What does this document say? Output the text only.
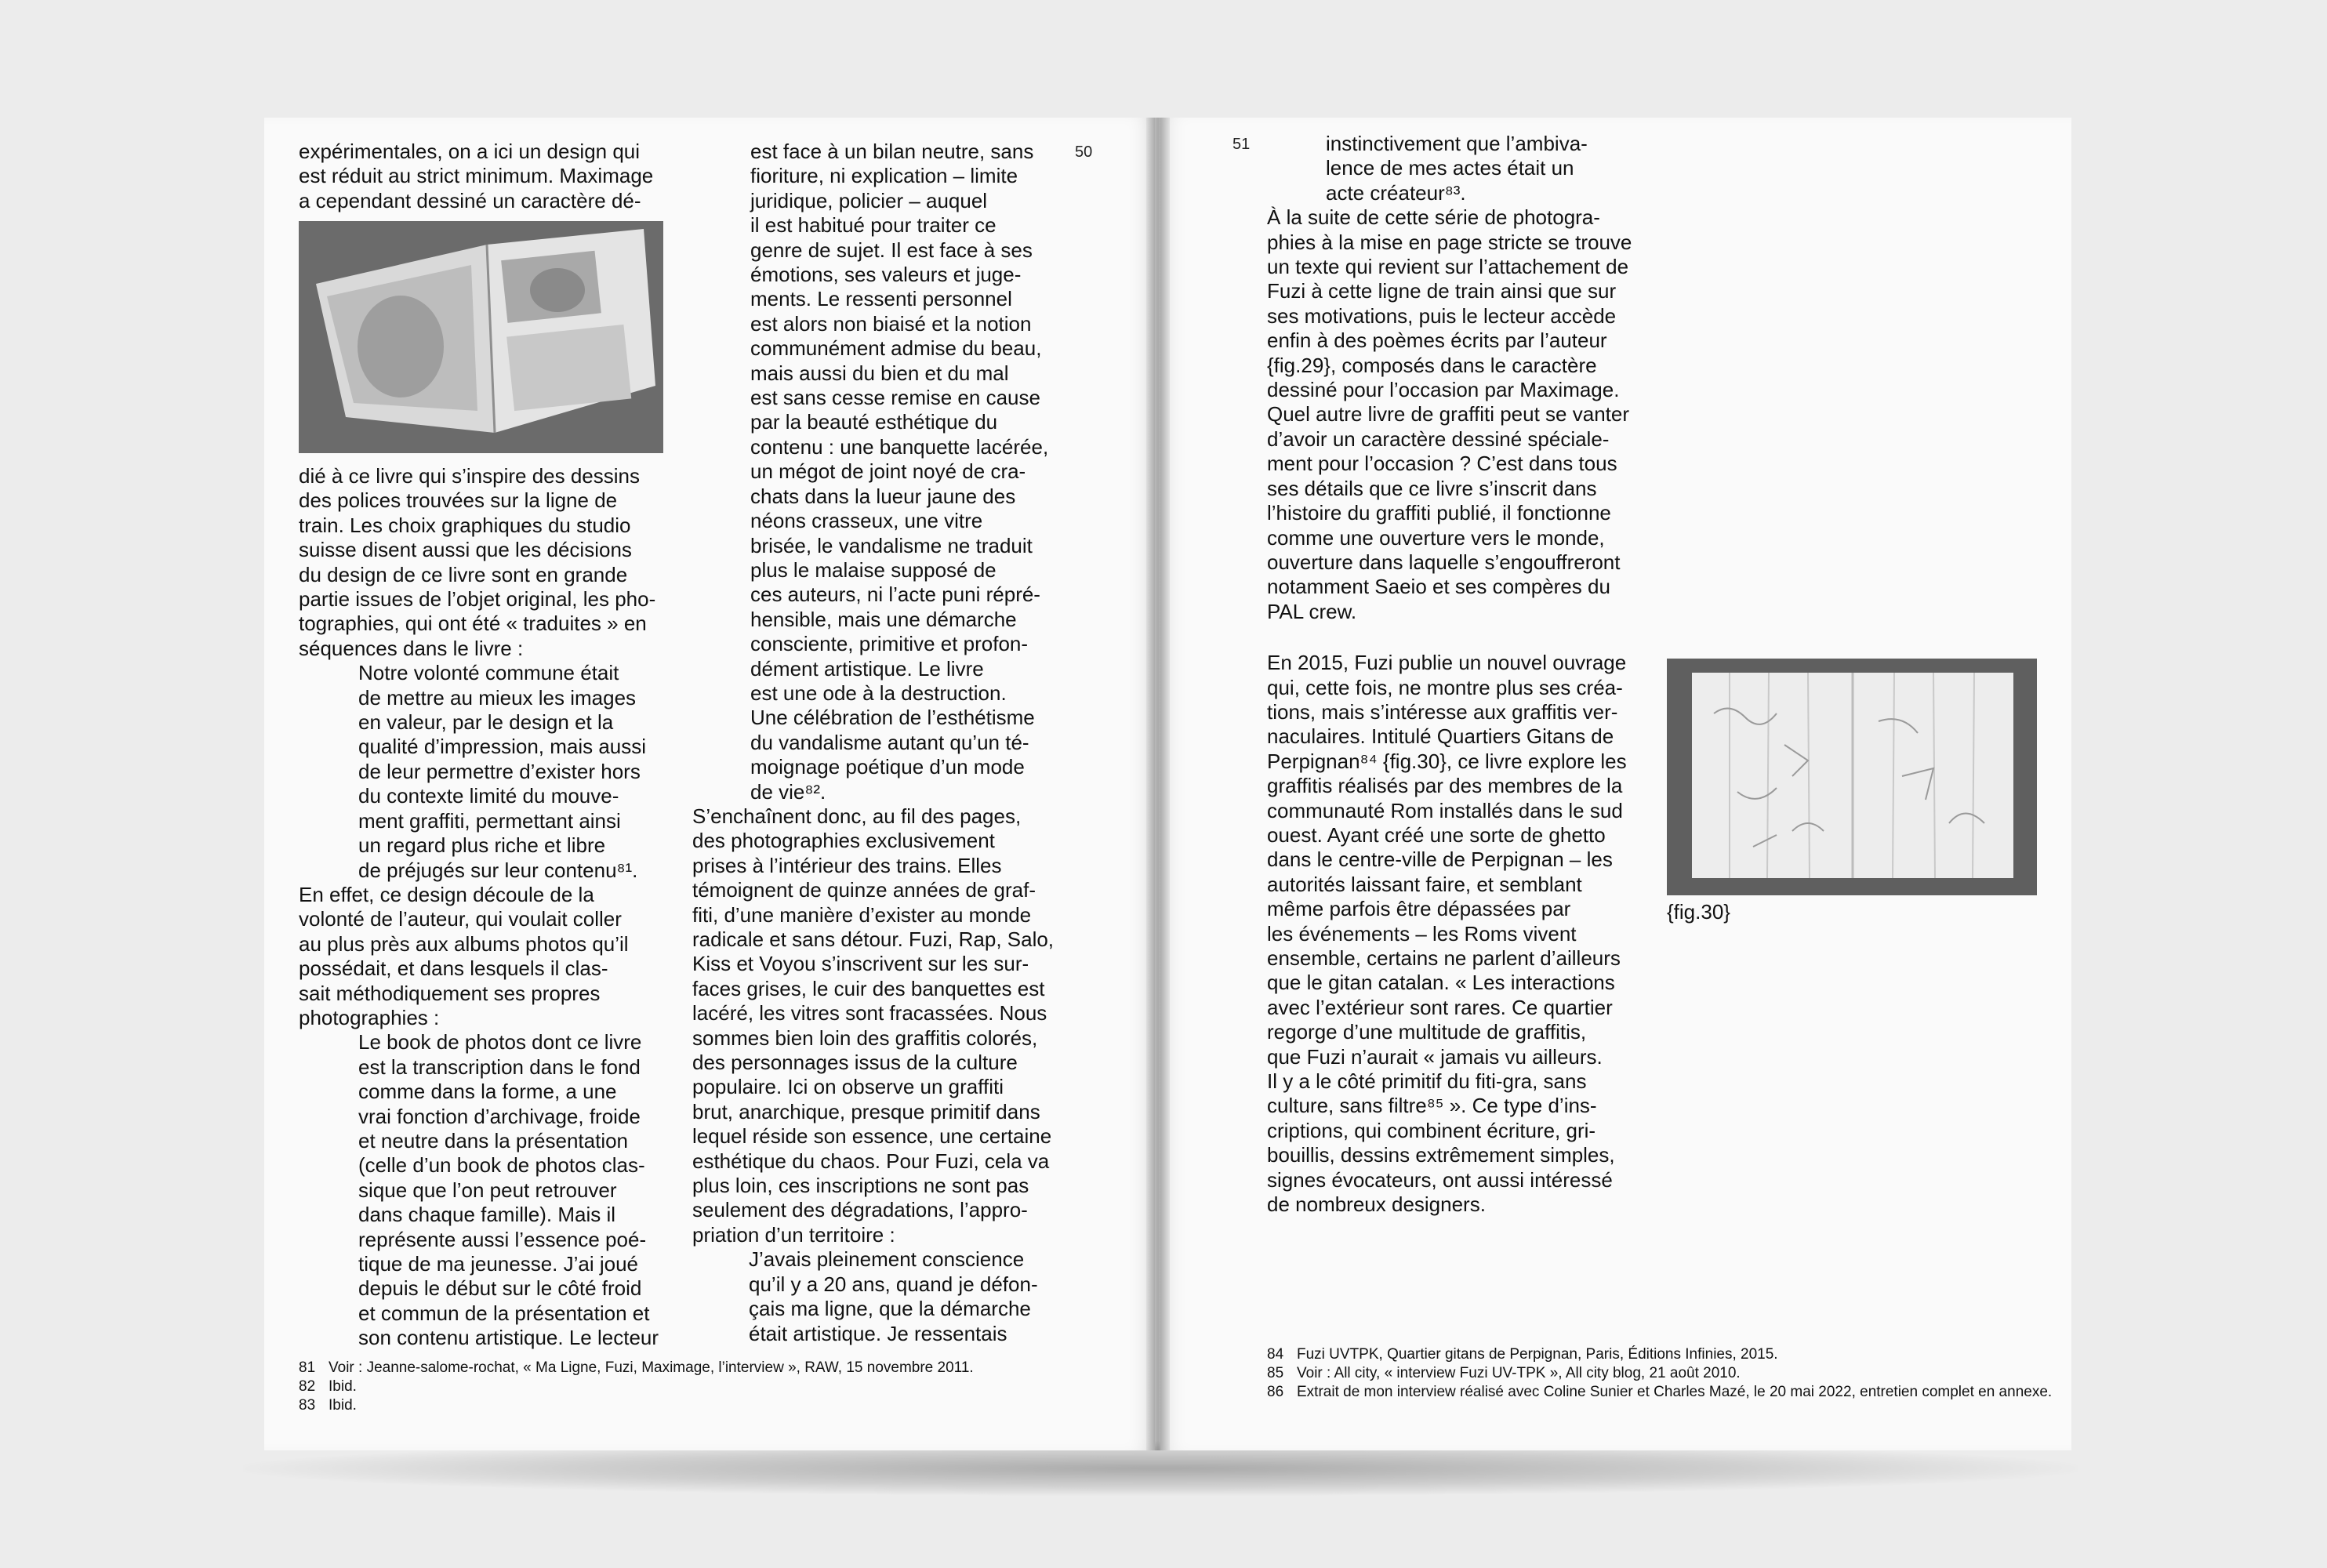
50

expérimentales, on a ici un design qui

est réduit au strict minimum. Maximage

a cependant dessiné un caractère dé-

dié à ce livre qui s’inspire des dessins

des polices trouvées sur la ligne de

train. Les choix graphiques du studio

suisse disent aussi que les décisions

du design de ce livre sont en grande

partie issues de l’objet original, les pho-

tographies, qui ont été « traduites » en

séquences dans le livre :

Notre volonté commune était

de mettre au mieux les images

en valeur, par le design et la

qualité d’impression, mais aussi

de leur permettre d’exister hors

du contexte limité du mouve-

ment graffiti, permettant ainsi

un regard plus riche et libre

de préjugés sur leur contenu⁸¹.

En effet, ce design découle de la

volonté de l’auteur, qui voulait coller

au plus près aux albums photos qu’il

possédait, et dans lesquels il clas-

sait méthodiquement ses propres

photographies :

Le book de photos dont ce livre

est la transcription dans le fond

comme dans la forme, a une

vrai fonction d’archivage, froide

et neutre dans la présentation

(celle d’un book de photos clas-

sique que l’on peut retrouver

dans chaque famille). Mais il

représente aussi l’essence poé-

tique de ma jeunesse. J’ai joué

depuis le début sur le côté froid

et commun de la présentation et

son contenu artistique. Le lecteur

est face à un bilan neutre, sans

fioriture, ni explication – limite

juridique, policier – auquel

il est habitué pour traiter ce

genre de sujet. Il est face à ses

émotions, ses valeurs et juge-

ments. Le ressenti personnel

est alors non biaisé et la notion

communément admise du beau,

mais aussi du bien et du mal

est sans cesse remise en cause

par la beauté esthétique du

contenu : une banquette lacérée,

un mégot de joint noyé de cra-

chats dans la lueur jaune des

néons crasseux, une vitre

brisée, le vandalisme ne traduit

plus le malaise supposé de

ces auteurs, ni l’acte puni répré-

hensible, mais une démarche

consciente, primitive et profon-

dément artistique. Le livre

est une ode à la destruction.

Une célébration de l’esthétisme

du vandalisme autant qu’un té-

moignage poétique d’un mode

de vie⁸².

S’enchaînent donc, au fil des pages,

des photographies exclusivement

prises à l’intérieur des trains. Elles

témoignent de quinze années de graf-

fiti, d’une manière d’exister au monde

radicale et sans détour. Fuzi, Rap, Salo,

Kiss et Voyou s’inscrivent sur les sur-

faces grises, le cuir des banquettes est

lacéré, les vitres sont fracassées. Nous

sommes bien loin des graffitis colorés,

des personnages issus de la culture

populaire. Ici on observe un graffiti

brut, anarchique, presque primitif dans

lequel réside son essence, une certaine

esthétique du chaos. Pour Fuzi, cela va

plus loin, ces inscriptions ne sont pas

seulement des dégradations, l’appro-

priation d’un territoire :

J’avais pleinement conscience

qu’il y a 20 ans, quand je défon-

çais ma ligne, que la démarche

était artistique. Je ressentais

81 Voir : Jeanne-salome-rochat, « Ma Ligne, Fuzi, Maximage, l’interview », RAW, 15 novembre 2011.
82 Ibid.
83 Ibid.
51	instinctivement que l’ambiva-

lence de mes actes était un

acte créateur⁸³.

À la suite de cette série de photogra-

phies à la mise en page stricte se trouve

un texte qui revient sur l’attachement de

Fuzi à cette ligne de train ainsi que sur

ses motivations, puis le lecteur accède

enfin à des poèmes écrits par l’auteur

{fig.29}, composés dans le caractère

dessiné pour l’occasion par Maximage.

Quel autre livre de graffiti peut se vanter

d’avoir un caractère dessiné spéciale-

ment pour l’occasion ? C’est dans tous

ses détails que ce livre s’inscrit dans

l’histoire du graffiti publié, il fonctionne

comme une ouverture vers le monde,

ouverture dans laquelle s’engouffreront

notamment Saeio et ses compères du

PAL crew.

En 2015, Fuzi publie un nouvel ouvrage

qui, cette fois, ne montre plus ses créa-

tions, mais s’intéresse aux graffitis ver-

naculaires. Intitulé Quartiers Gitans de

Perpignan⁸⁴ {fig.30}, ce livre explore les

graffitis réalisés par des membres de la

communauté Rom installés dans le sud

ouest. Ayant créé une sorte de ghetto

dans le centre-ville de Perpignan – les

autorités laissant faire, et semblant

même parfois être dépassées par

les événements – les Roms vivent

ensemble, certains ne parlent d’ailleurs

que le gitan catalan. « Les interactions

avec l’extérieur sont rares. Ce quartier

regorge d’une multitude de graffitis,

que Fuzi n’aurait « jamais vu ailleurs.

Il y a le côté primitif du fiti-gra, sans

culture, sans filtre⁸⁵ ». Ce type d’ins-

criptions, qui combinent écriture, gri-

bouillis, dessins extrêmement simples,

signes évocateurs, ont aussi intéressé

de nombreux designers.

{fig.30}
84 Fuzi UVTPK, Quartier gitans de Perpignan, Paris, Éditions Infinies, 2015.
85 Voir : All city, « interview Fuzi UV-TPK », All city blog, 21 août 2010.
86 Extrait de mon interview réalisé avec Coline Sunier et Charles Mazé, le 20 mai 2022, entretien complet en annexe.
